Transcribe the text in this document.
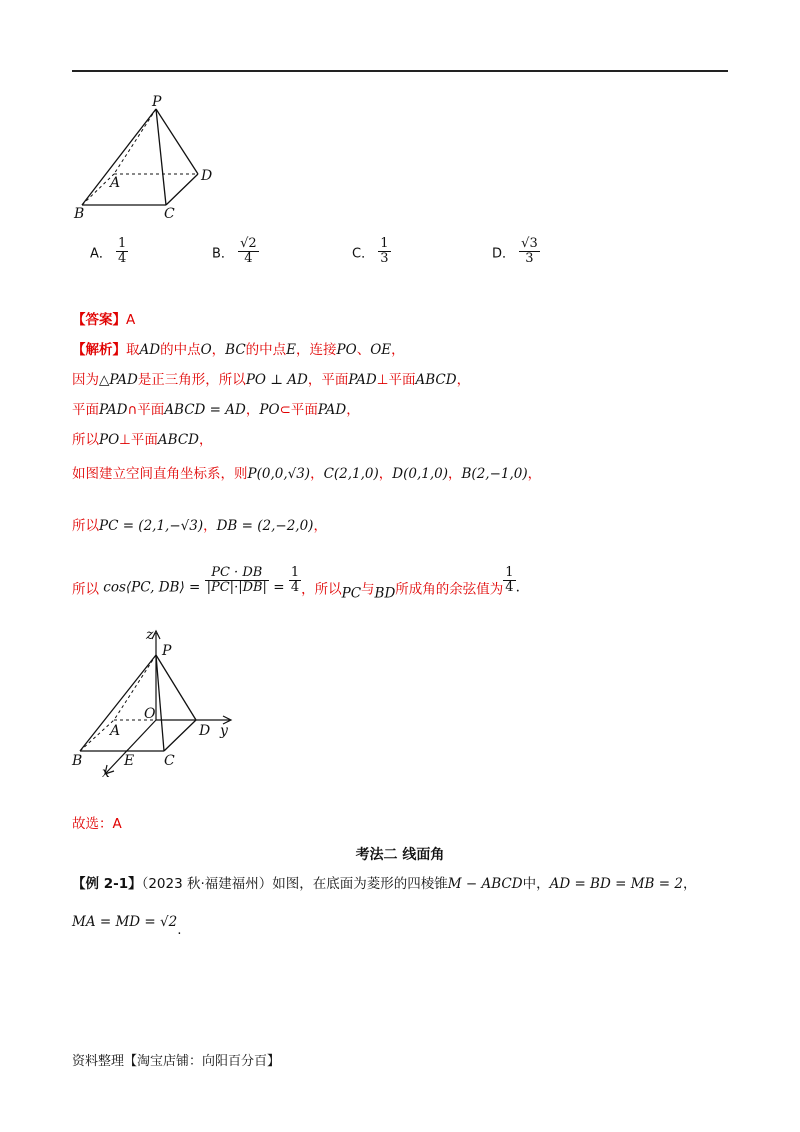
P
A	D
B	C
A． $\frac{1}{4}$	B． $\frac{√2}{4}$	C． $\frac{1}{3}$	D． $\frac{√3}{3}$
【答案】A
【解析】取AD的中点O，BC的中点E，连接PO、OE，
因为△PAD是正三角形，所以PO ⊥ AD，平面PAD⊥平面ABCD，
平面PAD∩平面ABCD = AD，PO⊂平面PAD，
所以PO⊥平面ABCD，
如图建立空间直角坐标系，则P(0,0,√3)，C(2,1,0)，D(0,1,0)，B(2,−1,0)，
所以PC = (2,1,−√3)，DB = (2,−2,0)，
所以 cos⟨PC, DB⟩ = $\frac{PC \cdot DB}{|PC|\cdot|DB|} = \frac{1}{4}$ ，所以PC与BD所成角的余弦值为 $\frac{1}{4}$ .
z
P
O
A	D y
B	E C
x
故选：A
考法二 线面角
【例 2-1】（2023 秋·福建福州）如图，在底面为菱形的四棱锥M − ABCD中，AD = BD = MB = 2，
MA = MD = √2.
资料整理【淘宝店铺：向阳百分百】
